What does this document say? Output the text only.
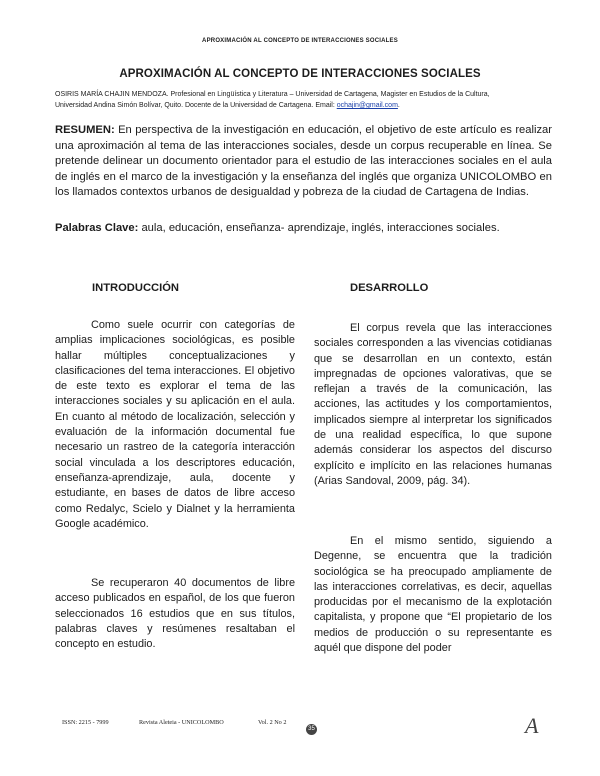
APROXIMACIÓN AL CONCEPTO DE INTERACCIONES SOCIALES
APROXIMACIÓN AL CONCEPTO DE INTERACCIONES SOCIALES
OSIRIS MARÍA CHAJIN MENDOZA. Profesional en Lingüística y Literatura – Universidad de Cartagena, Magister en Estudios de la Cultura,
Universidad Andina Simón Bolívar, Quito. Docente de la Universidad de Cartagena. Email: ochajin@gmail.com.
RESUMEN: En perspectiva de la investigación en educación, el objetivo de este artículo es realizar una aproximación al tema de las interacciones sociales, desde un corpus recuperable en línea. Se pretende delinear un documento orientador para el estudio de las interacciones sociales en el aula de inglés en el marco de la investigación y la enseñanza del inglés que organiza UNICOLOMBO en los llamados contextos urbanos de desigualdad y pobreza de la ciudad de Cartagena de Indias.
Palabras Clave: aula, educación, enseñanza- aprendizaje, inglés, interacciones sociales.
INTRODUCCIÓN
Como suele ocurrir con categorías de amplias implicaciones sociológicas, es posible hallar múltiples conceptualizaciones y clasificaciones del tema interacciones. El objetivo de este texto es explorar el tema de las interacciones sociales y su aplicación en el aula. En cuanto al método de localización, selección y evaluación de la información documental fue necesario un rastreo de la categoría interacción social vinculada a los descriptores educación, enseñanza-aprendizaje, aula, docente y estudiante, en bases de datos de libre acceso como Redalyc, Scielo y Dialnet y la herramienta Google académico.
Se recuperaron 40 documentos de libre acceso publicados en español, de los que fueron seleccionados 16 estudios que en sus títulos, palabras claves y resúmenes resaltaban el concepto en estudio.
DESARROLLO
El corpus revela que las interacciones sociales corresponden a las vivencias cotidianas que se desarrollan en un contexto, están impregnadas de opciones valorativas, que se reflejan a través de la comunicación, las acciones, las actitudes y los comportamientos, implicados siempre al interpretar los significados de una realidad específica, lo que supone además considerar los aspectos del discurso explícito e implícito en las relaciones humanas (Arias Sandoval, 2009, pág. 34).
En el mismo sentido, siguiendo a Degenne, se encuentra que la tradición sociológica se ha preocupado ampliamente de las interacciones correlativas, es decir, aquellas producidas por el mecanismo de la explotación capitalista, y propone que “El propietario de los medios de producción o su representante es aquél que dispone del poder
ISSN: 2215 - 7999	Revista Aleteia - UNICOLOMBO	Vol. 2 No 2
35	A
